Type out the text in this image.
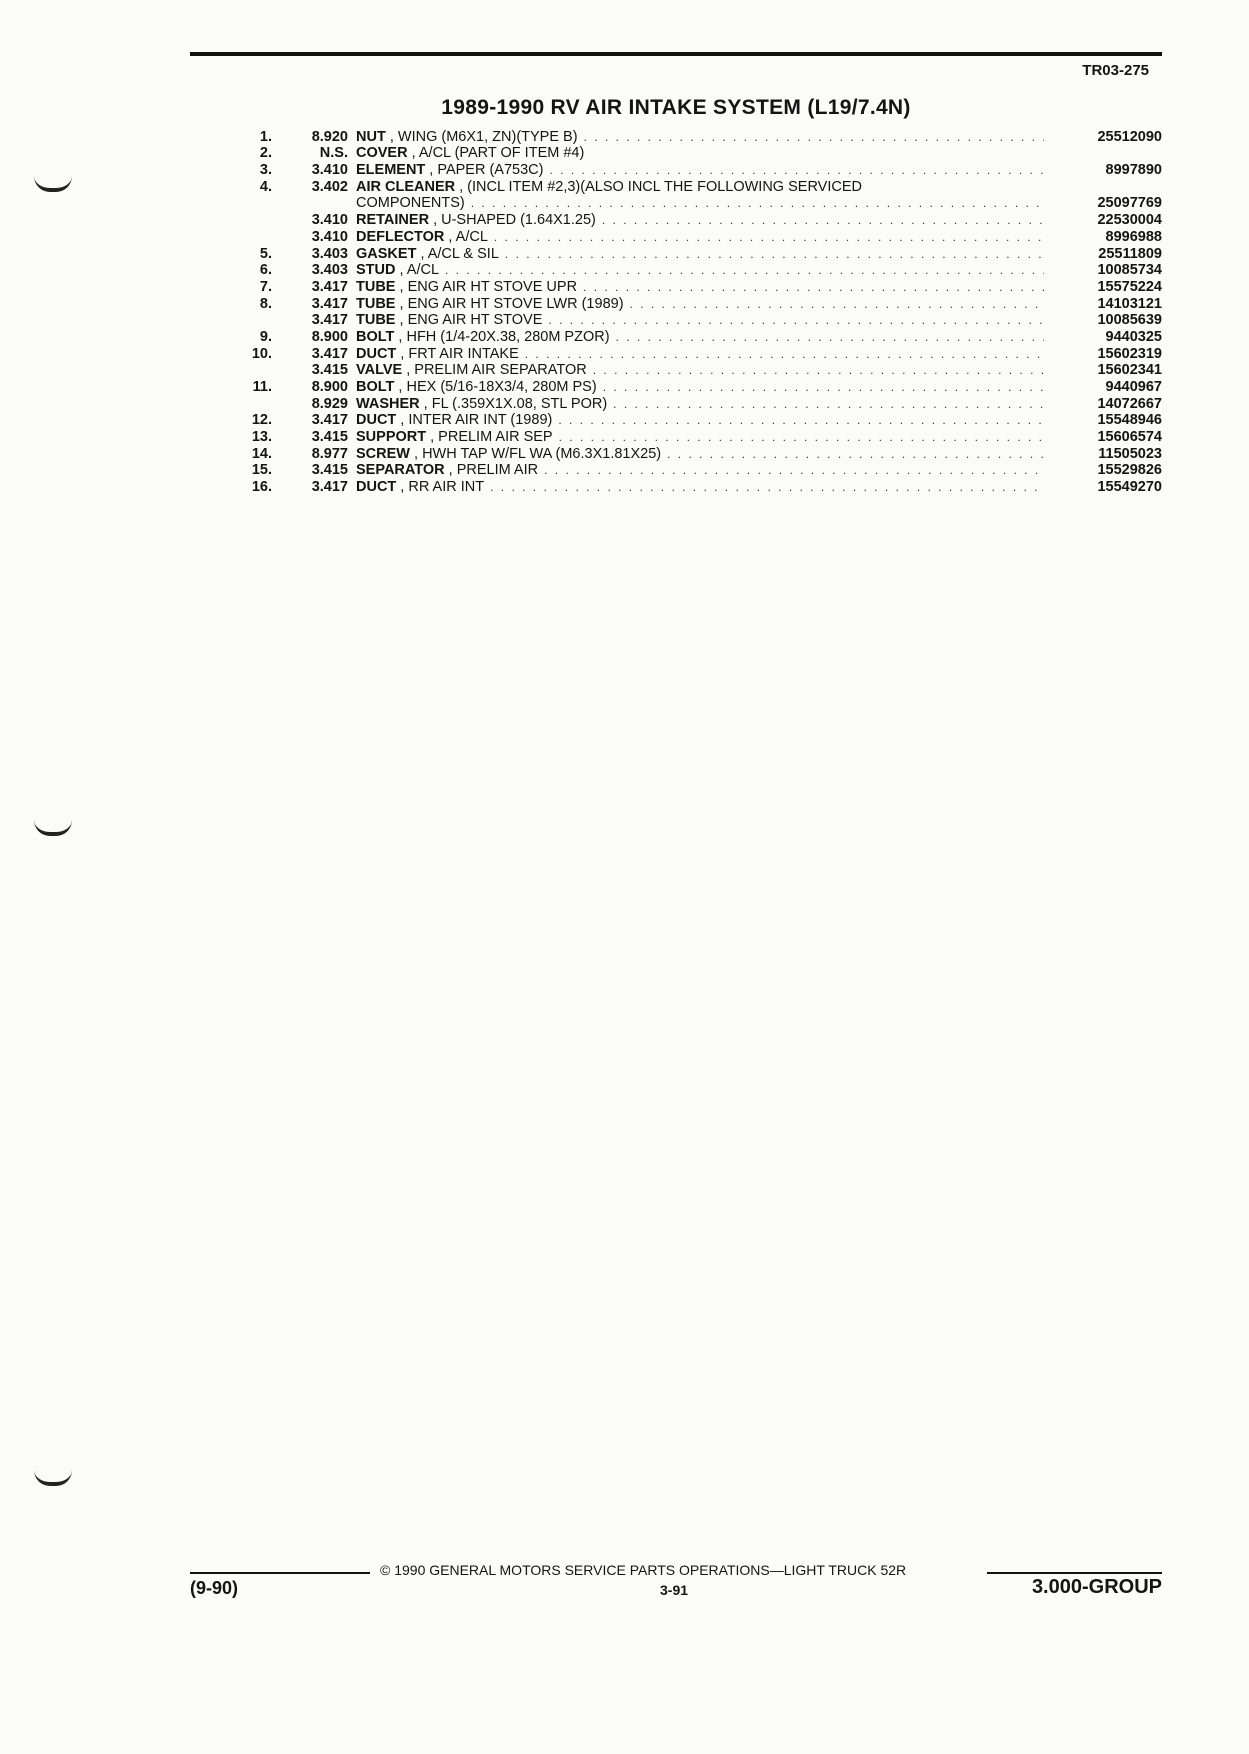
TR03-275
1989-1990 RV AIR INTAKE SYSTEM (L19/7.4N)
1.	8.920 NUT , WING (M6X1, ZN)(TYPE B) . . .	25512090
2.	N.S. COVER , A/CL (PART OF ITEM #4)
3.	3.410 ELEMENT , PAPER (A753C) . . .	8997890
4.	3.402 AIR CLEANER , (INCL ITEM #2,3)(ALSO INCL THE FOLLOWING SERVICED
COMPONENTS) . . .	25097769
3.410 RETAINER , U-SHAPED (1.64X1.25) . . .	22530004
3.410 DEFLECTOR , A/CL . . .	8996988
5.	3.403 GASKET , A/CL & SIL . . .	25511809
6.	3.403 STUD , A/CL . . .	10085734
7.	3.417 TUBE , ENG AIR HT STOVE UPR . . .	15575224
8.	3.417 TUBE , ENG AIR HT STOVE LWR (1989) . . .	14103121
3.417 TUBE , ENG AIR HT STOVE . . .	10085639
9.	8.900 BOLT , HFH (1/4-20X.38, 280M PZOR) . . .	9440325
10.	3.417 DUCT , FRT AIR INTAKE . . .	15602319
3.415 VALVE , PRELIM AIR SEPARATOR . . .	15602341
11.	8.900 BOLT , HEX (5/16-18X3/4, 280M PS) . . .	9440967
8.929 WASHER , FL (.359X1X.08, STL POR) . . .	14072667
12.	3.417 DUCT , INTER AIR INT (1989) . . .	15548946
13.	3.415 SUPPORT , PRELIM AIR SEP . . .	15606574
14.	8.977 SCREW , HWH TAP W/FL WA (M6.3X1.81X25) . . .	11505023
15.	3.415 SEPARATOR , PRELIM AIR . . .	15529826
16.	3.417 DUCT , RR AIR INT . . .	15549270
© 1990 GENERAL MOTORS SERVICE PARTS OPERATIONS—LIGHT TRUCK 52R
(9-90)	3-91	3.000-GROUP
